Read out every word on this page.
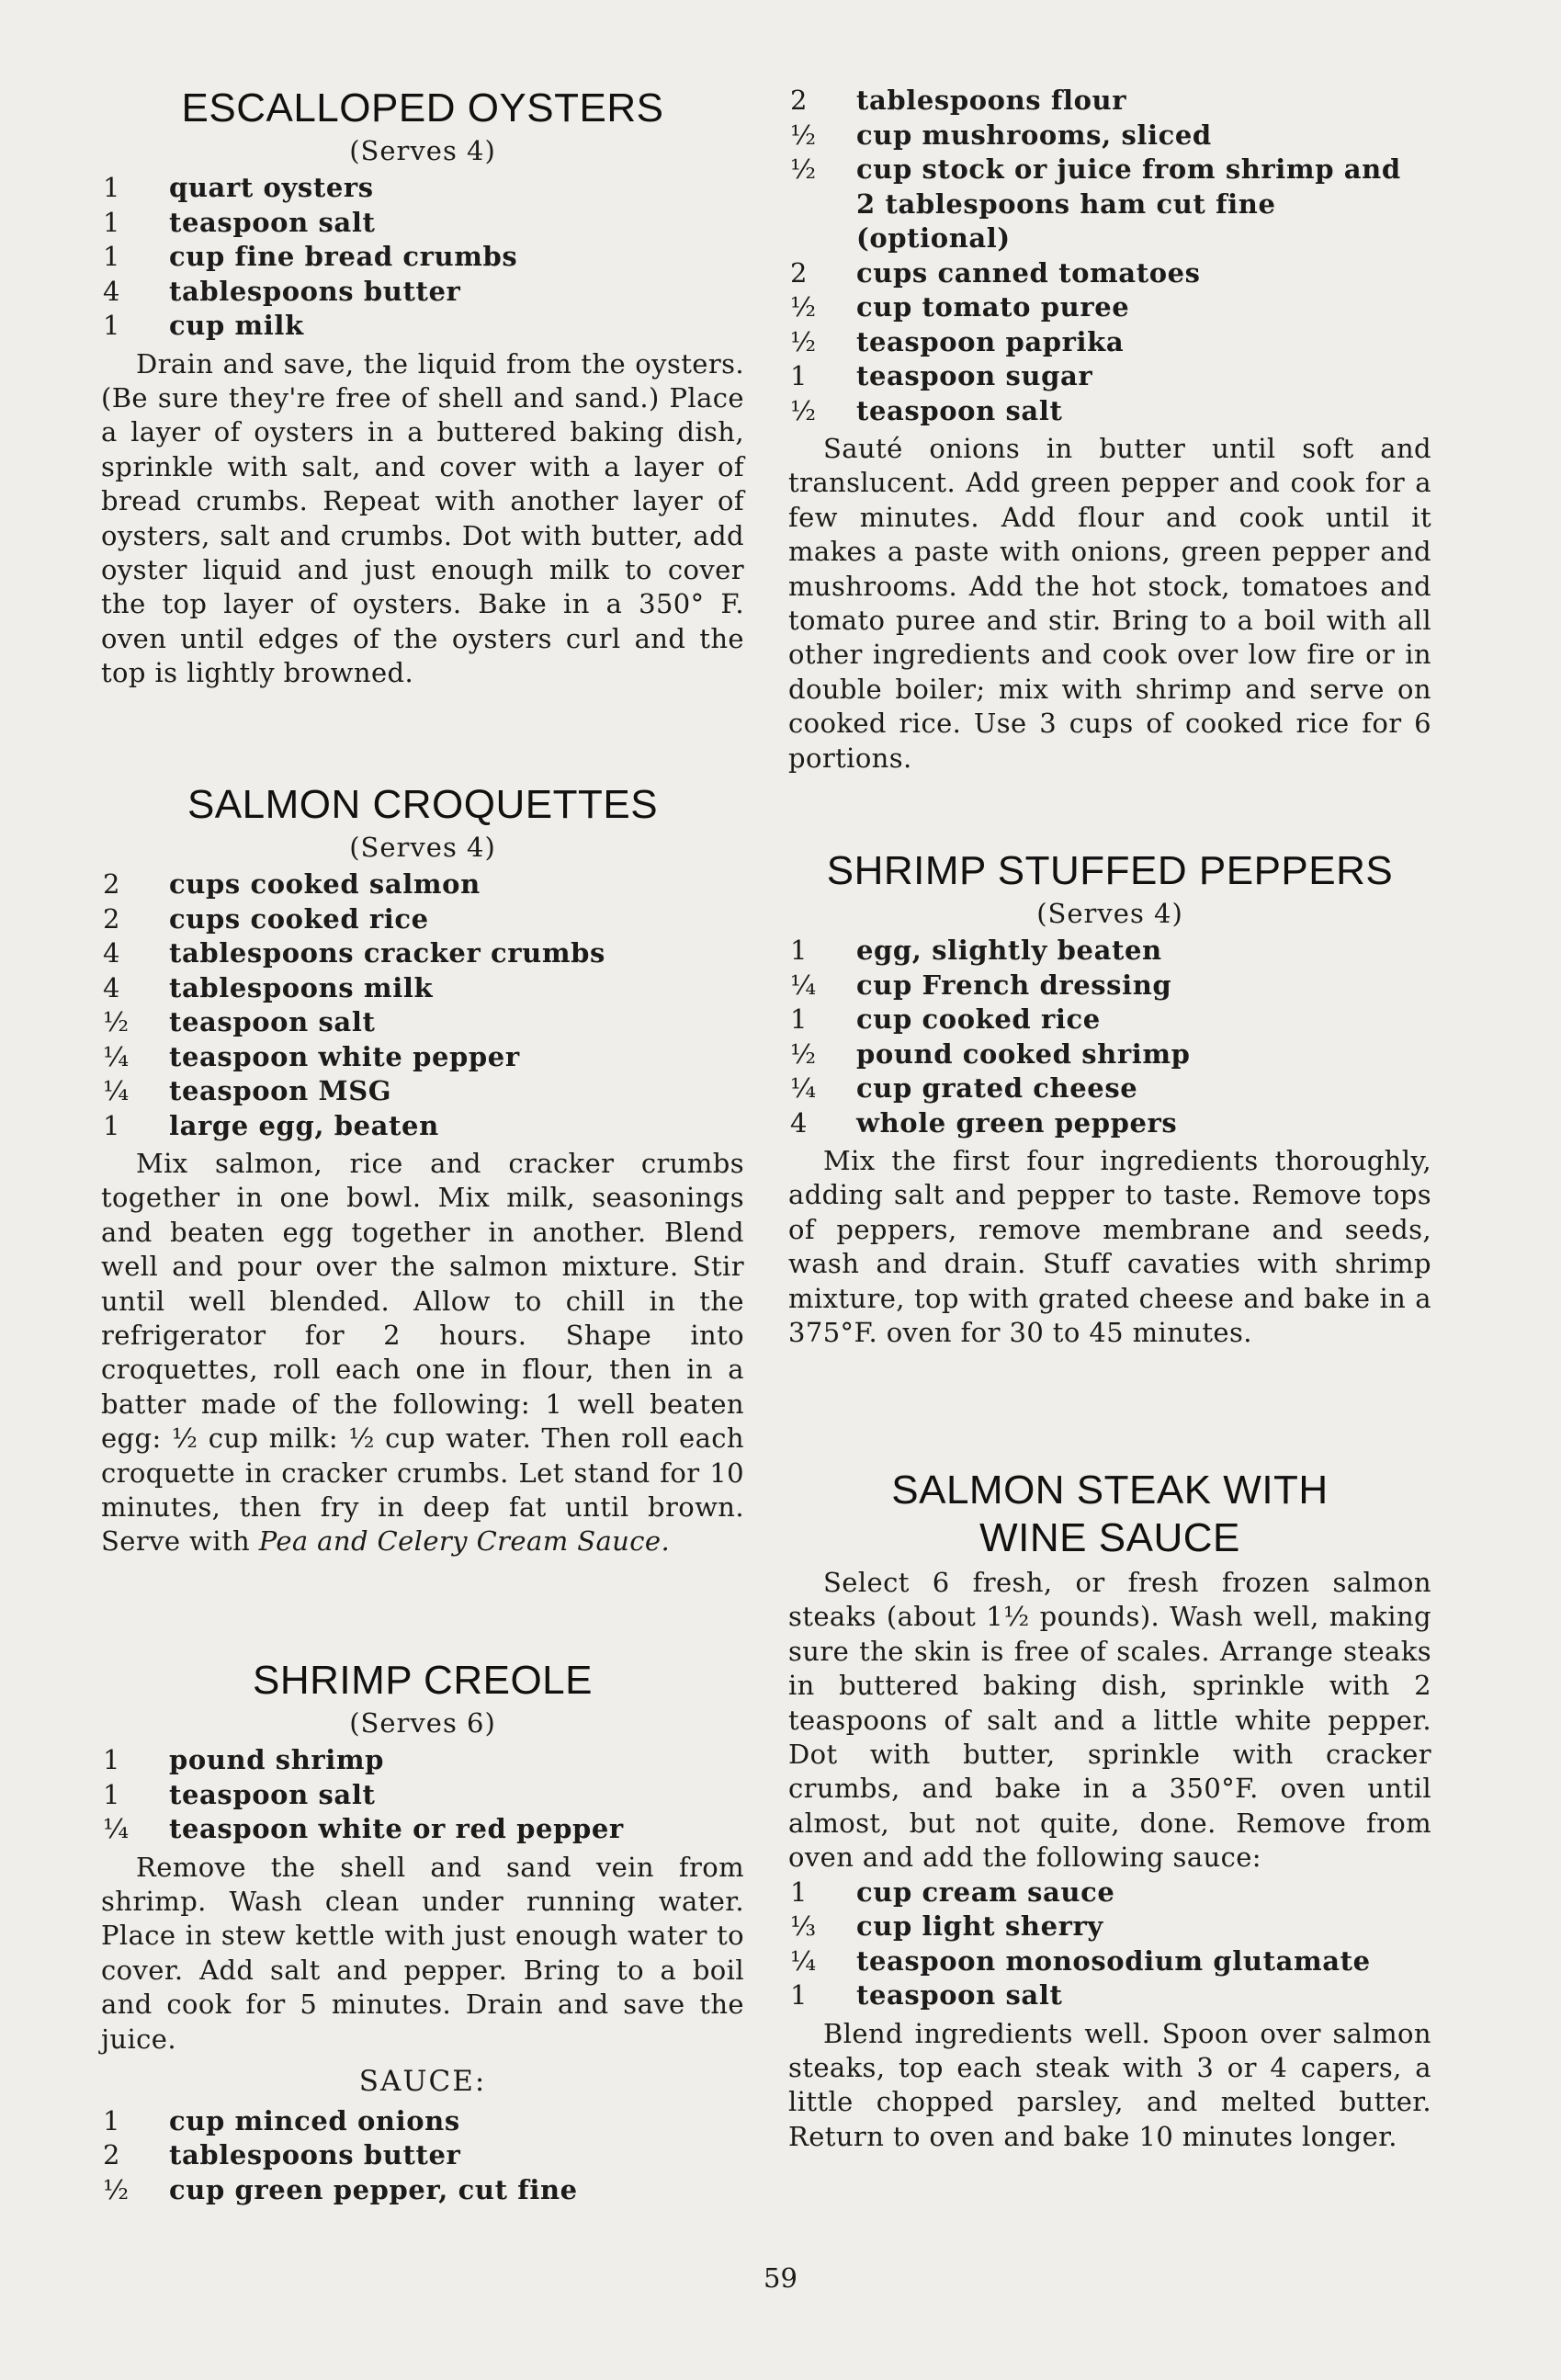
ESCALLOPED OYSTERS

(Serves 4)

1	quart oysters
1	teaspoon salt
1	cup fine bread crumbs
4	tablespoons butter
1	cup milk

Drain and save, the liquid from the oysters. (Be sure they're free of shell and sand.) Place a layer of oysters in a buttered baking dish, sprinkle with salt, and cover with a layer of bread crumbs. Repeat with another layer of oysters, salt and crumbs. Dot with butter, add oyster liquid and just enough milk to cover the top layer of oysters. Bake in a 350° F. oven until edges of the oysters curl and the top is lightly browned.

SALMON CROQUETTES

(Serves 4)

2	cups cooked salmon
2	cups cooked rice
4	tablespoons cracker crumbs
4	tablespoons milk
½	teaspoon salt
¼	teaspoon white pepper
¼	teaspoon MSG
1	large egg, beaten

Mix salmon, rice and cracker crumbs together in one bowl. Mix milk, seasonings and beaten egg together in another. Blend well and pour over the salmon mixture. Stir until well blended. Allow to chill in the refrigerator for 2 hours. Shape into croquettes, roll each one in flour, then in a batter made of the following: 1 well beaten egg: ½ cup milk: ½ cup water. Then roll each croquette in cracker crumbs. Let stand for 10 minutes, then fry in deep fat until brown. Serve with Pea and Celery Cream Sauce.

SHRIMP CREOLE

(Serves 6)

1	pound shrimp
1	teaspoon salt
¼	teaspoon white or red pepper

Remove the shell and sand vein from shrimp. Wash clean under running water. Place in stew kettle with just enough water to cover. Add salt and pepper. Bring to a boil and cook for 5 minutes. Drain and save the juice.

SAUCE:

1	cup minced onions
2	tablespoons butter
½	cup green pepper, cut fine
2	tablespoons flour
½	cup mushrooms, sliced
½	cup stock or juice from shrimp and
2 tablespoons ham cut fine (optional)
2	cups canned tomatoes
½	cup tomato puree
½	teaspoon paprika
1	teaspoon sugar
½	teaspoon salt

Sauté onions in butter until soft and translucent. Add green pepper and cook for a few minutes. Add flour and cook until it makes a paste with onions, green pepper and mushrooms. Add the hot stock, tomatoes and tomato puree and stir. Bring to a boil with all other ingredients and cook over low fire or in double boiler; mix with shrimp and serve on cooked rice. Use 3 cups of cooked rice for 6 portions.

SHRIMP STUFFED PEPPERS

(Serves 4)

1	egg, slightly beaten
¼	cup French dressing
1	cup cooked rice
½	pound cooked shrimp
¼	cup grated cheese
4	whole green peppers

Mix the first four ingredients thoroughly, adding salt and pepper to taste. Remove tops of peppers, remove membrane and seeds, wash and drain. Stuff cavaties with shrimp mixture, top with grated cheese and bake in a 375°F. oven for 30 to 45 minutes.

SALMON STEAK WITH
WINE SAUCE

Select 6 fresh, or fresh frozen salmon steaks (about 1½ pounds). Wash well, making sure the skin is free of scales. Arrange steaks in buttered baking dish, sprinkle with 2 teaspoons of salt and a little white pepper. Dot with butter, sprinkle with cracker crumbs, and bake in a 350°F. oven until almost, but not quite, done. Remove from oven and add the following sauce:

1	cup cream sauce
⅓	cup light sherry
¼	teaspoon monosodium glutamate
1	teaspoon salt

Blend ingredients well. Spoon over salmon steaks, top each steak with 3 or 4 capers, a little chopped parsley, and melted butter. Return to oven and bake 10 minutes longer.

59
